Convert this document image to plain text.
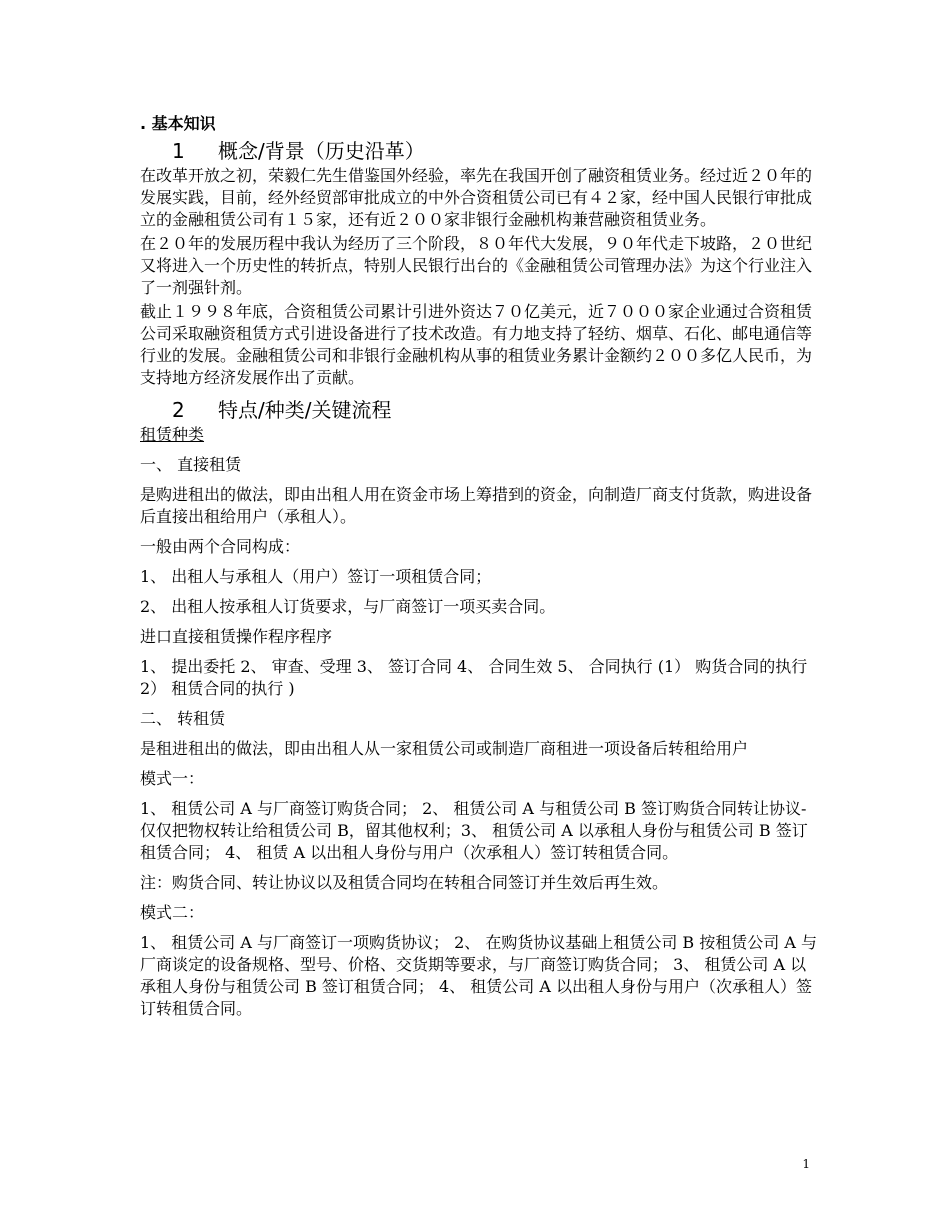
. 基本知识
1 概念/背景（历史沿革）

在改革开放之初，荣毅仁先生借鉴国外经验，率先在我国开创了融资租赁业务。经过近２０年的发展实践，目前，经外经贸部审批成立的中外合资租赁公司已有４２家，经中国人民银行审批成立的金融租赁公司有１５家，还有近２００家非银行金融机构兼营融资租赁业务。

在２０年的发展历程中我认为经历了三个阶段，８０年代大发展，９０年代走下坡路，２０世纪又将进入一个历史性的转折点，特别人民银行出台的《金融租赁公司管理办法》为这个行业注入了一剂强针剂。

截止１９９８年底，合资租赁公司累计引进外资达７０亿美元，近７０００家企业通过合资租赁公司采取融资租赁方式引进设备进行了技术改造。有力地支持了轻纺、烟草、石化、邮电通信等行业的发展。金融租赁公司和非银行金融机构从事的租赁业务累计金额约２００多亿人民币，为支持地方经济发展作出了贡献。

2 特点/种类/关键流程

租赁种类

一、 直接租赁

是购进租出的做法，即由出租人用在资金市场上筹措到的资金，向制造厂商支付货款，购进设备后直接出租给用户（承租人）。

一般由两个合同构成：

1、 出租人与承租人（用户）签订一项租赁合同；

2、 出租人按承租人订货要求，与厂商签订一项买卖合同。

进口直接租赁操作程序程序

1、 提出委托 2、 审查、受理 3、 签订合同 4、 合同生效 5、 合同执行 (1） 购货合同的执行 2） 租赁合同的执行 )

二、 转租赁

是租进租出的做法，即由出租人从一家租赁公司或制造厂商租进一项设备后转租给用户

模式一：

1、 租赁公司 A 与厂商签订购货合同； 2、 租赁公司 A 与租赁公司 B 签订购货合同转让协议-仅仅把物权转让给租赁公司 B，留其他权利；3、 租赁公司 A 以承租人身份与租赁公司 B 签订租赁合同； 4、 租赁 A 以出租人身份与用户（次承租人）签订转租赁合同。

注：购货合同、转让协议以及租赁合同均在转租合同签订并生效后再生效。

模式二：

1、 租赁公司 A 与厂商签订一项购货协议； 2、 在购货协议基础上租赁公司 B 按租赁公司 A 与厂商谈定的设备规格、型号、价格、交货期等要求，与厂商签订购货合同； 3、 租赁公司 A 以承租人身份与租赁公司 B 签订租赁合同； 4、 租赁公司 A 以出租人身份与用户（次承租人）签订转租赁合同。

1
